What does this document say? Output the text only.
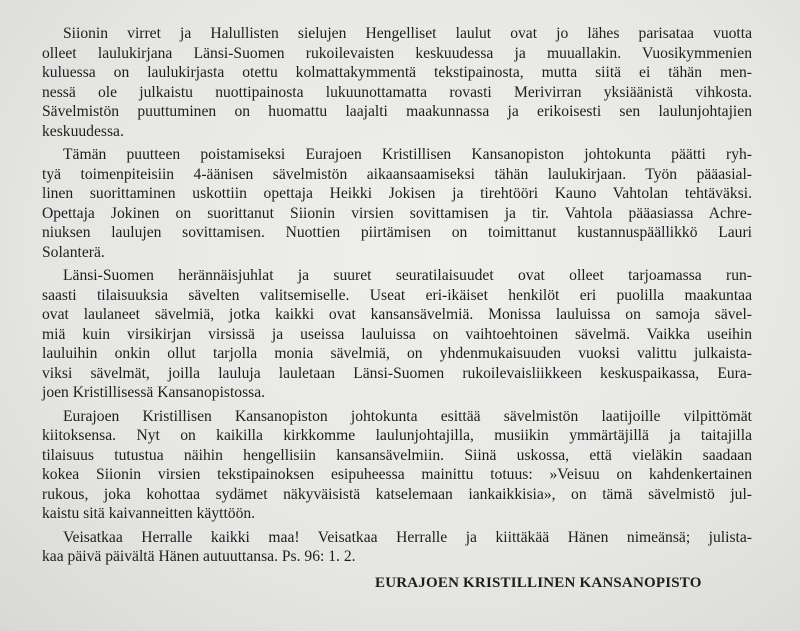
Siionin virret ja Halullisten sielujen Hengelliset laulut ovat jo lähes parisataa vuotta
olleet laulukirjana Länsi-Suomen rukoilevaisten keskuudessa ja muuallakin. Vuosikymmenien
kuluessa on laulukirjasta otettu kolmattakymmentä tekstipainosta, mutta siitä ei tähän men-
nessä ole julkaistu nuottipainosta lukuunottamatta rovasti Merivirran yksiäänistä vihkosta.
Sävelmistön puuttuminen on huomattu laajalti maakunnassa ja erikoisesti sen laulunjohtajien
keskuudessa.
Tämän puutteen poistamiseksi Eurajoen Kristillisen Kansanopiston johtokunta päätti ryh-
tyä toimenpiteisiin 4-äänisen sävelmistön aikaansaamiseksi tähän laulukirjaan. Työn pääasial-
linen suorittaminen uskottiin opettaja Heikki Jokisen ja tirehtööri Kauno Vahtolan tehtäväksi.
Opettaja Jokinen on suorittanut Siionin virsien sovittamisen ja tir. Vahtola pääasiassa Achre-
niuksen laulujen sovittamisen. Nuottien piirtämisen on toimittanut kustannuspäällikkö Lauri
Solanterä.
Länsi-Suomen herännäisjuhlat ja suuret seuratilaisuudet ovat olleet tarjoamassa run-
saasti tilaisuuksia sävelten valitsemiselle. Useat eri-ikäiset henkilöt eri puolilla maakuntaa
ovat laulaneet sävelmiä, jotka kaikki ovat kansansävelmiä. Monissa lauluissa on samoja sävel-
miä kuin virsikirjan virsissä ja useissa lauluissa on vaihtoehtoinen sävelmä. Vaikka useihin
lauluihin onkin ollut tarjolla monia sävelmiä, on yhdenmukaisuuden vuoksi valittu julkaista-
viksi sävelmät, joilla lauluja lauletaan Länsi-Suomen rukoilevaisliikkeen keskuspaikassa, Eura-
joen Kristillisessä Kansanopistossa.
Eurajoen Kristillisen Kansanopiston johtokunta esittää sävelmistön laatijoille vilpittömät
kiitoksensa. Nyt on kaikilla kirkkomme laulunjohtajilla, musiikin ymmärtäjillä ja taitajilla
tilaisuus tutustua näihin hengellisiin kansansävelmiin. Siinä uskossa, että vieläkin saadaan
kokea Siionin virsien tekstipainoksen esipuheessa mainittu totuus: »Veisuu on kahdenkertainen
rukous, joka kohottaa sydämet näkyväisistä katselemaan iankaikkisia», on tämä sävelmistö jul-
kaistu sitä kaivanneitten käyttöön.
Veisatkaa Herralle kaikki maa! Veisatkaa Herralle ja kiittäkää Hänen nimeänsä; julista-
kaa päivä päivältä Hänen autuuttansa. Ps. 96: 1. 2.
EURAJOEN KRISTILLINEN KANSANOPISTO
